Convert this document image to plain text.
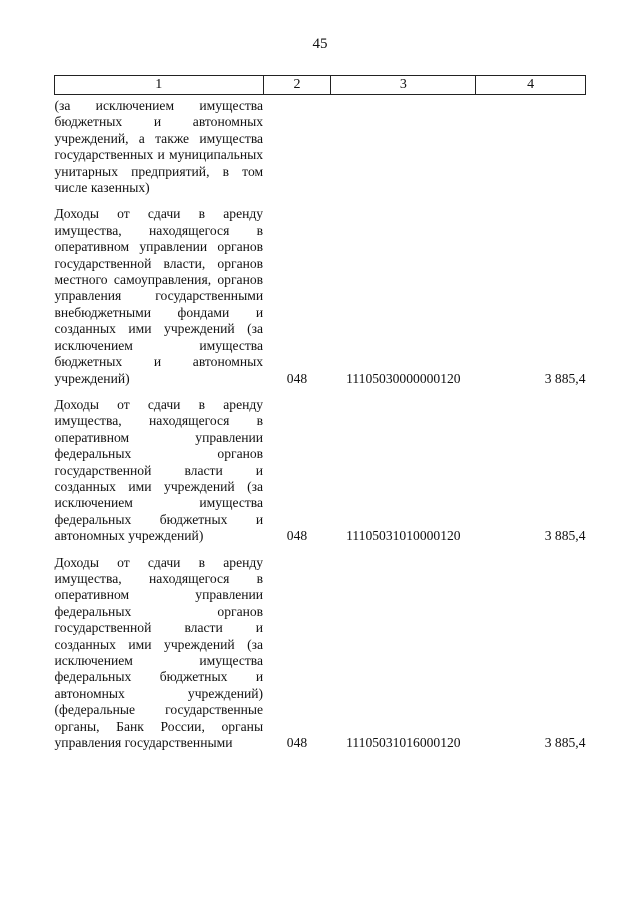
45
1	2	3	4
(за исключением имущества бюджетных и автономных учреждений, а также имущества государственных и муниципальных унитарных предприятий, в том числе казенных)			

Доходы от сдачи в аренду имущества, находящегося в оперативном управлении органов государственной власти, органов местного самоуправления, органов управления государственными внебюджетными фондами и созданных ими учреждений (за исключением имущества бюджетных и автономных учреждений)	048	11105030000000120	3 885,4

Доходы от сдачи в аренду имущества, находящегося в оперативном управлении федеральных органов государственной власти и созданных ими учреждений (за исключением имущества федеральных бюджетных и автономных учреждений)	048	11105031010000120	3 885,4

Доходы от сдачи в аренду имущества, находящегося в оперативном управлении федеральных органов государственной власти и созданных ими учреждений (за исключением имущества федеральных бюджетных и автономных учреждений) (федеральные государственные органы, Банк России, органы управления государственными	048	11105031016000120	3 885,4
